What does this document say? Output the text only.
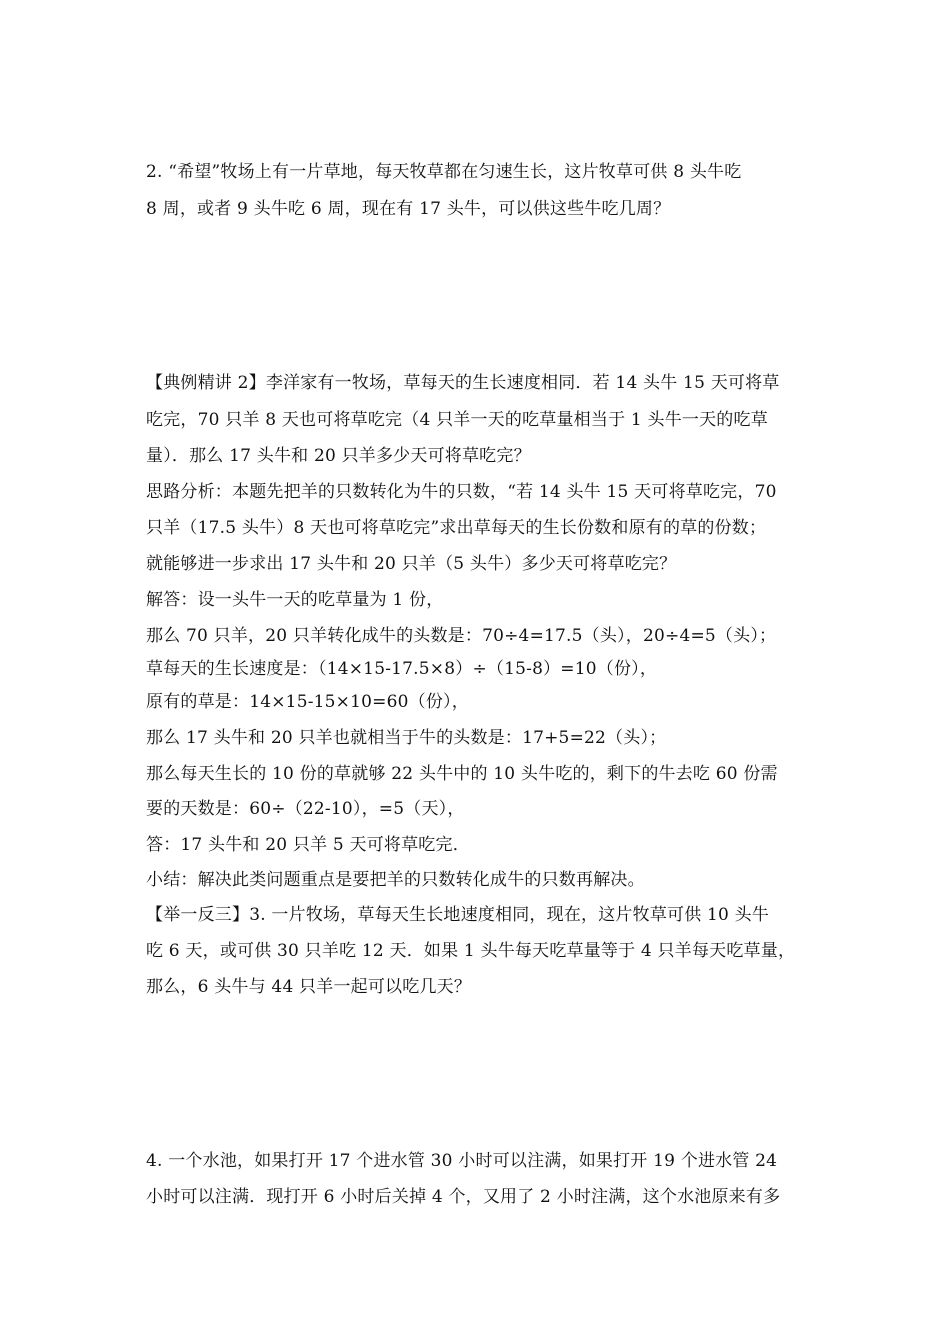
2. “希望”牧场上有一片草地，每天牧草都在匀速生长，这片牧草可供 8 头牛吃
8 周，或者 9 头牛吃 6 周，现在有 17 头牛，可以供这些牛吃几周？
【典例精讲 2】李洋家有一牧场，草每天的生长速度相同．若 14 头牛 15 天可将草
吃完，70 只羊 8 天也可将草吃完（4 只羊一天的吃草量相当于 1 头牛一天的吃草
量）．那么 17 头牛和 20 只羊多少天可将草吃完？
思路分析：本题先把羊的只数转化为牛的只数，“若 14 头牛 15 天可将草吃完，70
只羊（17.5 头牛）8 天也可将草吃完”求出草每天的生长份数和原有的草的份数；
就能够进一步求出 17 头牛和 20 只羊（5 头牛）多少天可将草吃完？
解答：设一头牛一天的吃草量为 1 份，
那么 70 只羊，20 只羊转化成牛的头数是：70÷4=17.5（头），20÷4=5（头）；
草每天的生长速度是：（14×15-17.5×8）÷（15-8）=10（份），
原有的草是：14×15-15×10=60（份），
那么 17 头牛和 20 只羊也就相当于牛的头数是：17+5=22（头）；
那么每天生长的 10 份的草就够 22 头牛中的 10 头牛吃的，剩下的牛去吃 60 份需
要的天数是：60÷（22-10），=5（天），
答：17 头牛和 20 只羊 5 天可将草吃完．
小结：解决此类问题重点是要把羊的只数转化成牛的只数再解决。
【举一反三】3. 一片牧场，草每天生长地速度相同，现在，这片牧草可供 10 头牛
吃 6 天，或可供 30 只羊吃 12 天．如果 1 头牛每天吃草量等于 4 只羊每天吃草量，
那么，6 头牛与 44 只羊一起可以吃几天？
4. 一个水池，如果打开 17 个进水管 30 小时可以注满，如果打开 19 个进水管 24
小时可以注满．现打开 6 小时后关掉 4 个，又用了 2 小时注满，这个水池原来有多
